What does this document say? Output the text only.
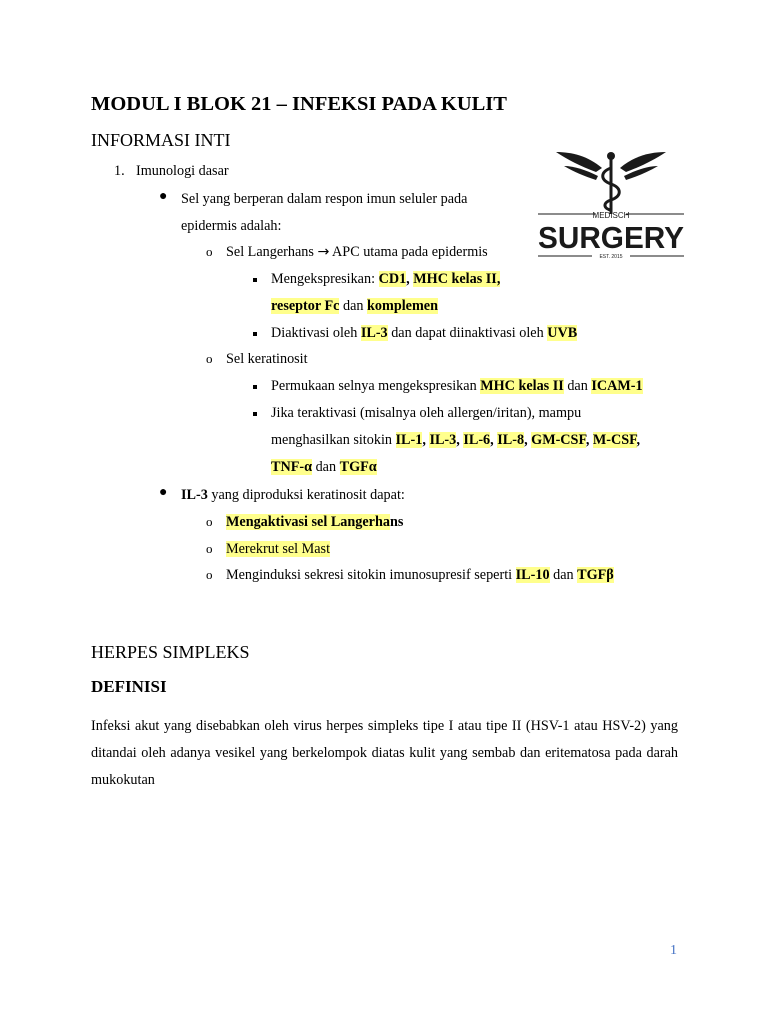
MODUL I BLOK 21 – INFEKSI PADA KULIT
INFORMASI INTI
1. Imunologi dasar
● Sel yang berperan dalam respon imun seluler pada
epidermis adalah:
o Sel Langerhans → APC utama pada epidermis
Mengekspresikan: CD1, MHC kelas II,
reseptor Fc dan komplemen
Diaktivasi oleh IL-3 dan dapat diinaktivasi oleh UVB
o Sel keratinosit
Permukaan selnya mengekspresikan MHC kelas II dan ICAM-1
Jika teraktivasi (misalnya oleh allergen/iritan), mampu
menghasilkan sitokin IL-1, IL-3, IL-6, IL-8, GM-CSF, M-CSF,
TNF-α dan TGFα
● IL-3 yang diproduksi keratinosit dapat:
o Mengaktivasi sel Langerhans
o Merekrut sel Mast
o Menginduksi sekresi sitokin imunosupresif seperti IL-10 dan TGFβ
HERPES SIMPLEKS
DEFINISI
Infeksi akut yang disebabkan oleh virus herpes simpleks tipe I atau tipe II (HSV-1 atau HSV-2) yang ditandai oleh adanya vesikel yang berkelompok diatas kulit yang sembab dan eritematosa pada darah mukokutan
MEDISCH
SURGERY
EST. 2015
1
